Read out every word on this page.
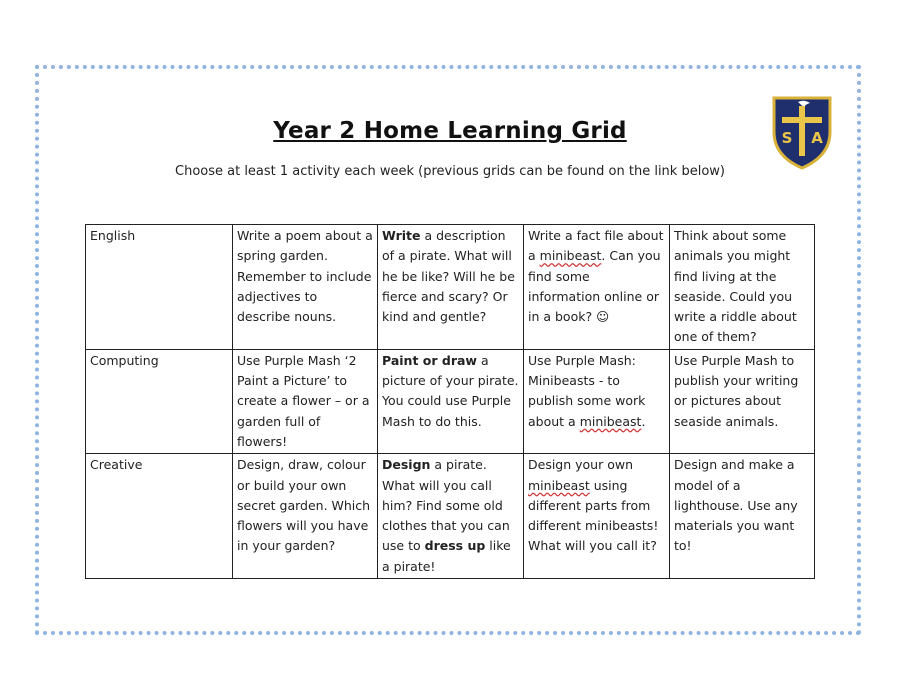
Year 2 Home Learning Grid
Choose at least 1 activity each week (previous grids can be found on the link below)
S A
English	Write a poem about a spring garden. Remember to include adjectives to describe nouns.	Write a description of a pirate. What will he be like? Will he be fierce and scary? Or kind and gentle?	Write a fact file about a minibeast. Can you find some information online or in a book? ☺	Think about some animals you might find living at the seaside. Could you write a riddle about one of them?
Computing	Use Purple Mash ‘2 Paint a Picture’ to create a flower – or a garden full of flowers!	Paint or draw a picture of your pirate. You could use Purple Mash to do this.	Use Purple Mash: Minibeasts - to publish some work about a minibeast.	Use Purple Mash to publish your writing or pictures about seaside animals.
Creative	Design, draw, colour or build your own secret garden. Which flowers will you have in your garden?	Design a pirate. What will you call him? Find some old clothes that you can use to dress up like a pirate!	Design your own minibeast using different parts from different minibeasts! What will you call it?	Design and make a model of a lighthouse. Use any materials you want to!
